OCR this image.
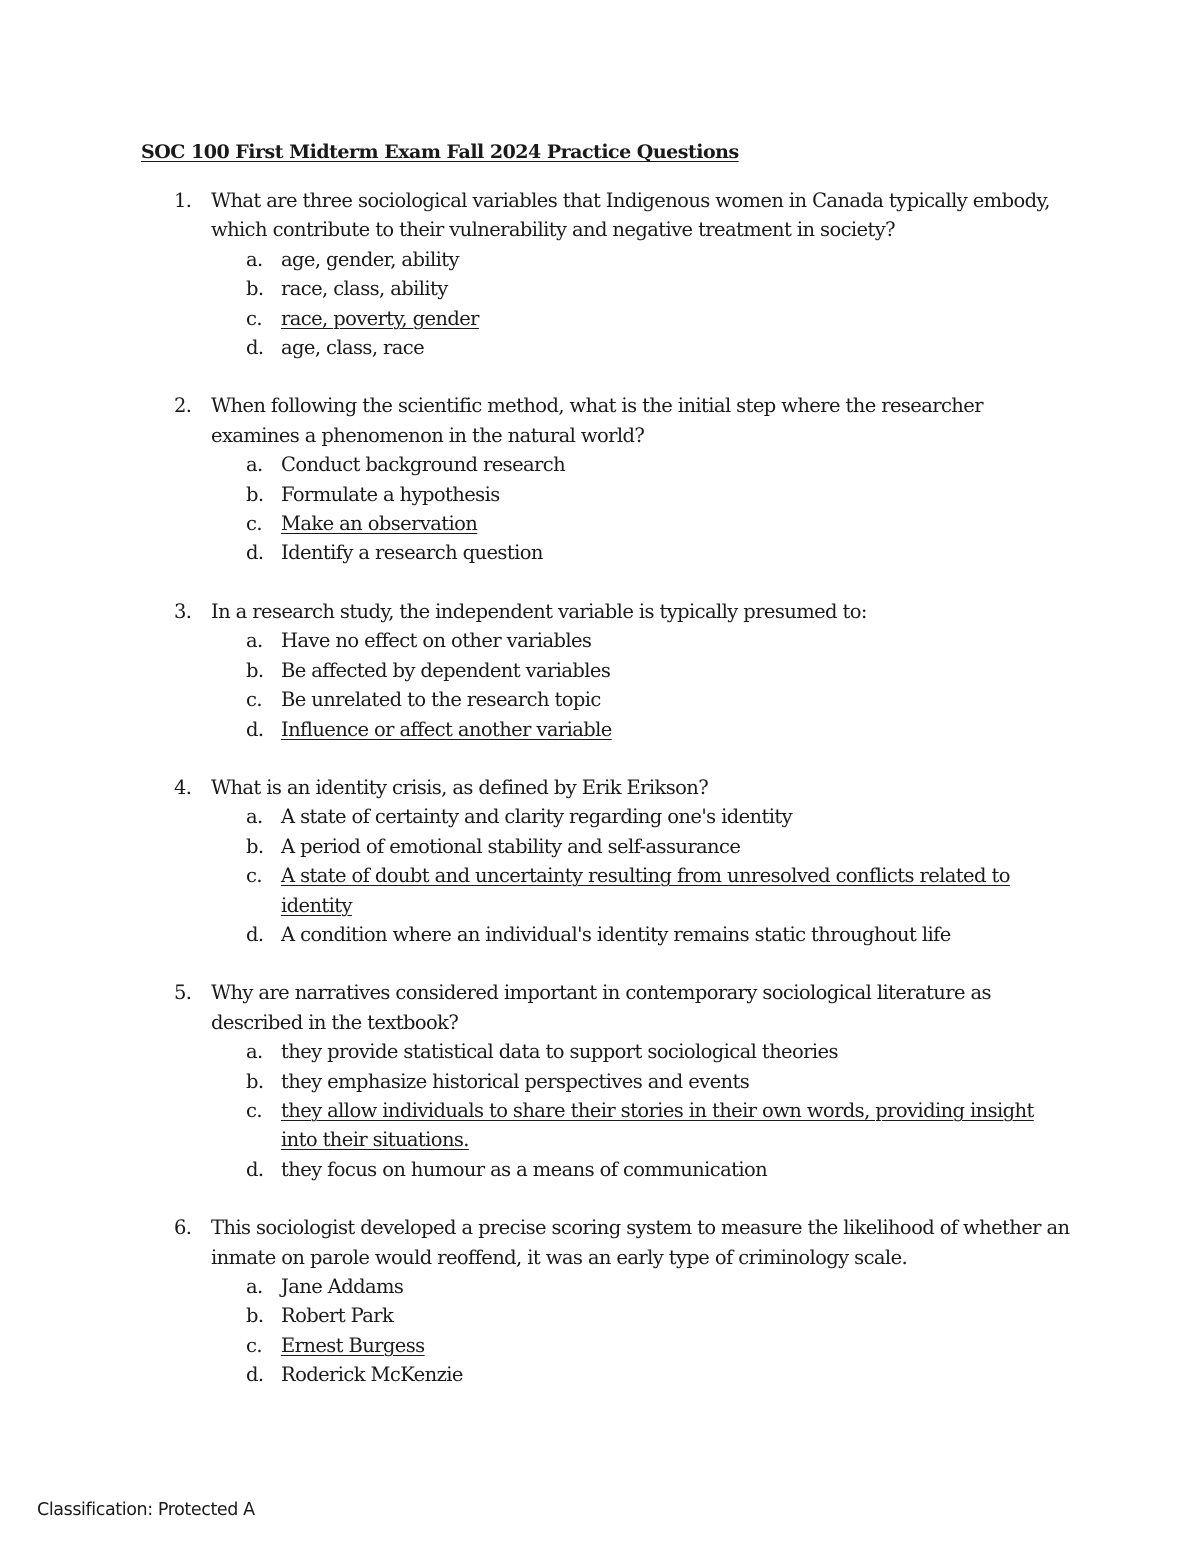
SOC 100 First Midterm Exam Fall 2024 Practice Questions
1. What are three sociological variables that Indigenous women in Canada typically embody, which contribute to their vulnerability and negative treatment in society?
a. age, gender, ability
b. race, class, ability
c. race, poverty, gender
d. age, class, race
2. When following the scientific method, what is the initial step where the researcher examines a phenomenon in the natural world?
a. Conduct background research
b. Formulate a hypothesis
c. Make an observation
d. Identify a research question
3. In a research study, the independent variable is typically presumed to:
a. Have no effect on other variables
b. Be affected by dependent variables
c. Be unrelated to the research topic
d. Influence or affect another variable
4. What is an identity crisis, as defined by Erik Erikson?
a. A state of certainty and clarity regarding one's identity
b. A period of emotional stability and self-assurance
c. A state of doubt and uncertainty resulting from unresolved conflicts related to identity
d. A condition where an individual's identity remains static throughout life
5. Why are narratives considered important in contemporary sociological literature as described in the textbook?
a. they provide statistical data to support sociological theories
b. they emphasize historical perspectives and events
c. they allow individuals to share their stories in their own words, providing insight into their situations.
d. they focus on humour as a means of communication
6. This sociologist developed a precise scoring system to measure the likelihood of whether an inmate on parole would reoffend, it was an early type of criminology scale.
a. Jane Addams
b. Robert Park
c. Ernest Burgess
d. Roderick McKenzie
Classification: Protected A
